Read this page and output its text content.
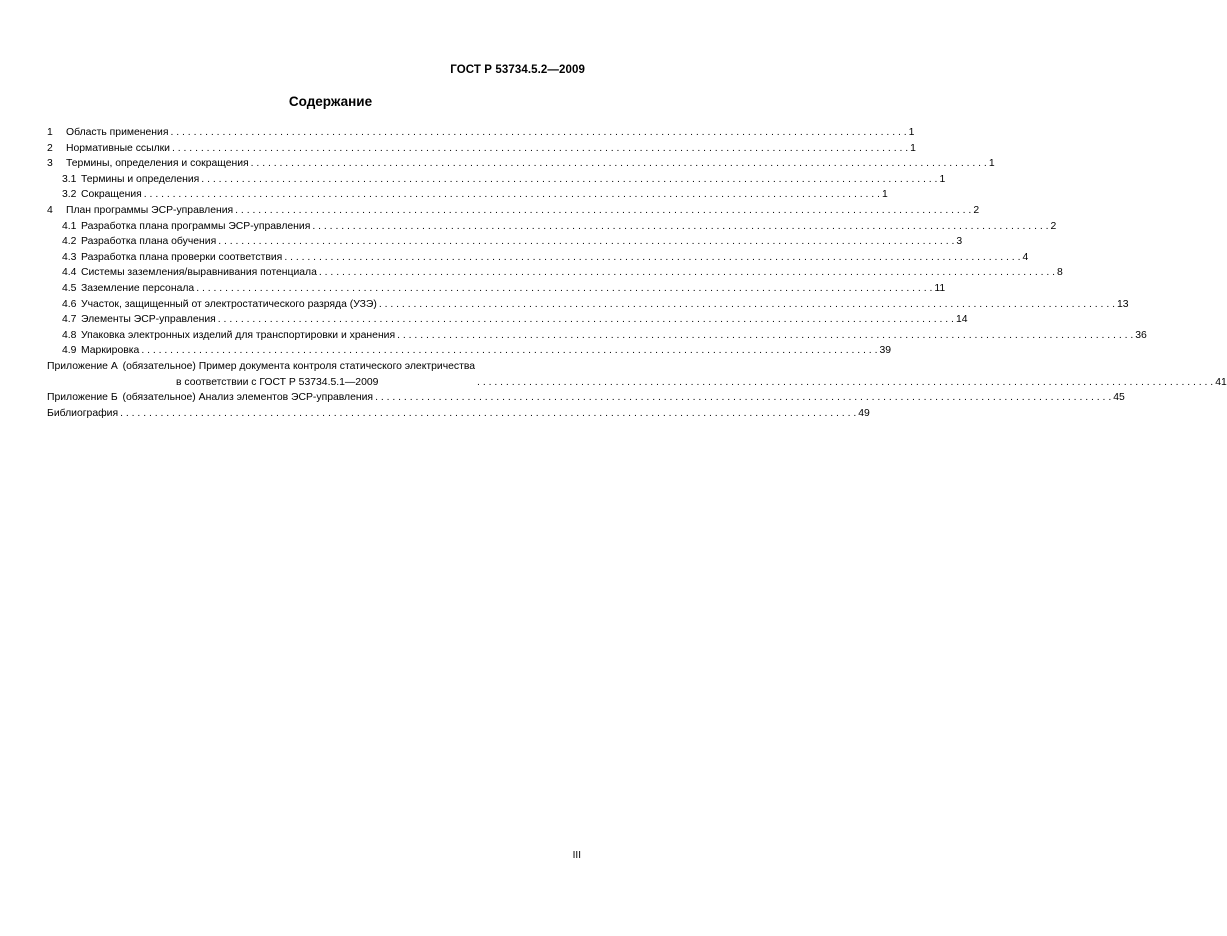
ГОСТ Р 53734.5.2—2009
Содержание
1 Область применения . . .	1
2 Нормативные ссылки . . .	1
3 Термины, определения и сокращения . . .	1
3.1 Термины и определения . . .	1
3.2 Сокращения . . .	1
4 План программы ЭСР-управления . . .	2
4.1 Разработка плана программы ЭСР-управления . . .	2
4.2 Разработка плана обучения . . .	3
4.3 Разработка плана проверки соответствия . . .	4
4.4 Системы заземления/выравнивания потенциала . . .	8
4.5 Заземление персонала . . .	11
4.6 Участок, защищенный от электростатического разряда (УЗЭ) . . .	13
4.7 Элементы ЭСР-управления . . .	14
4.8 Упаковка электронных изделий для транспортировки и хранения . . .	36
4.9 Маркировка . . .	39
Приложение А (обязательное) Пример документа контроля статического электричества
в соответствии с ГОСТ Р 53734.5.1—2009 . . .	41
Приложение Б (обязательное) Анализ элементов ЭСР-управления . . .	45
Библиография . . .	49
III
